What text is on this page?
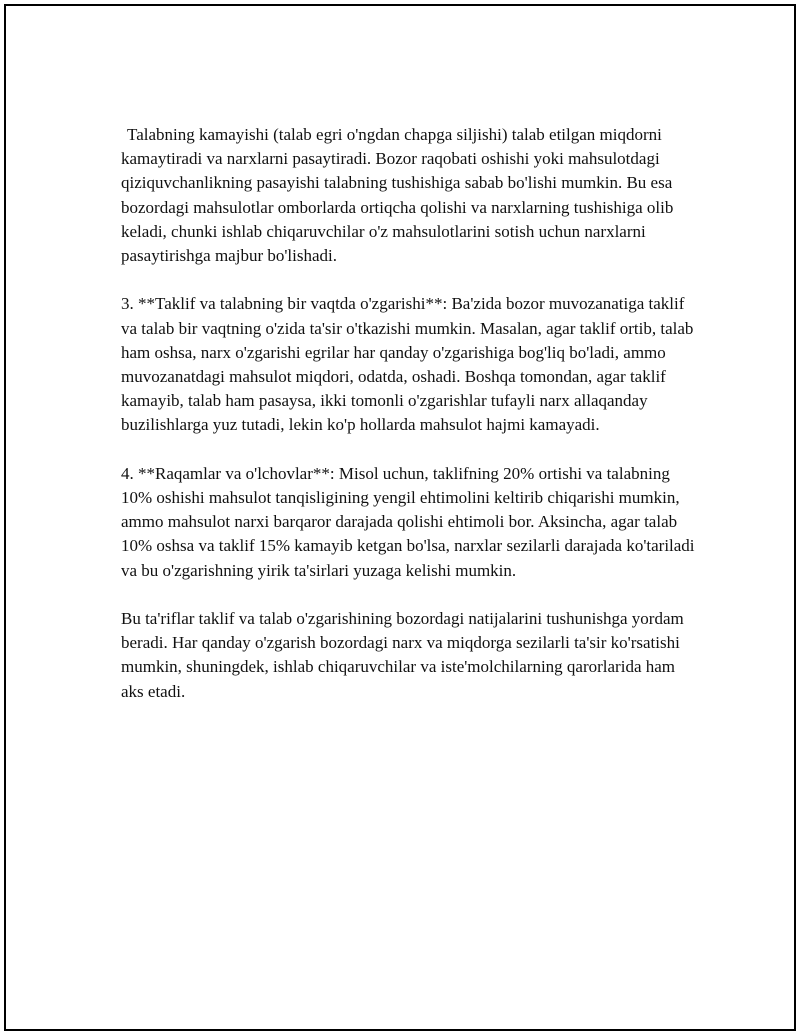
Talabning kamayishi (talab egri o'ngdan chapga siljishi) talab etilgan miqdorni kamaytiradi va narxlarni pasaytiradi. Bozor raqobati oshishi yoki mahsulotdagi qiziquvchanlikning pasayishi talabning tushishiga sabab bo'lishi mumkin. Bu esa bozordagi mahsulotlar omborlarda ortiqcha qolishi va narxlarning tushishiga olib keladi, chunki ishlab chiqaruvchilar o'z mahsulotlarini sotish uchun narxlarni pasaytirishga majbur bo'lishadi.

3. **Taklif va talabning bir vaqtda o'zgarishi**: Ba'zida bozor muvozanatiga taklif va talab bir vaqtning o'zida ta'sir o'tkazishi mumkin. Masalan, agar taklif ortib, talab ham oshsa, narx o'zgarishi egrilar har qanday o'zgarishiga bog'liq bo'ladi, ammo muvozanatdagi mahsulot miqdori, odatda, oshadi. Boshqa tomondan, agar taklif kamayib, talab ham pasaysa, ikki tomonli o'zgarishlar tufayli narx allaqanday buzilishlarga yuz tutadi, lekin ko'p hollarda mahsulot hajmi kamayadi.

4. **Raqamlar va o'lchovlar**: Misol uchun, taklifning 20% ortishi va talabning 10% oshishi mahsulot tanqisligining yengil ehtimolini keltirib chiqarishi mumkin, ammo mahsulot narxi barqaror darajada qolishi ehtimoli bor. Aksincha, agar talab 10% oshsa va taklif 15% kamayib ketgan bo'lsa, narxlar sezilarli darajada ko'tariladi va bu o'zgarishning yirik ta'sirlari yuzaga kelishi mumkin.

Bu ta'riflar taklif va talab o'zgarishining bozordagi natijalarini tushunishga yordam beradi. Har qanday o'zgarish bozordagi narx va miqdorga sezilarli ta'sir ko'rsatishi mumkin, shuningdek, ishlab chiqaruvchilar va iste'molchilarning qarorlarida ham aks etadi.
